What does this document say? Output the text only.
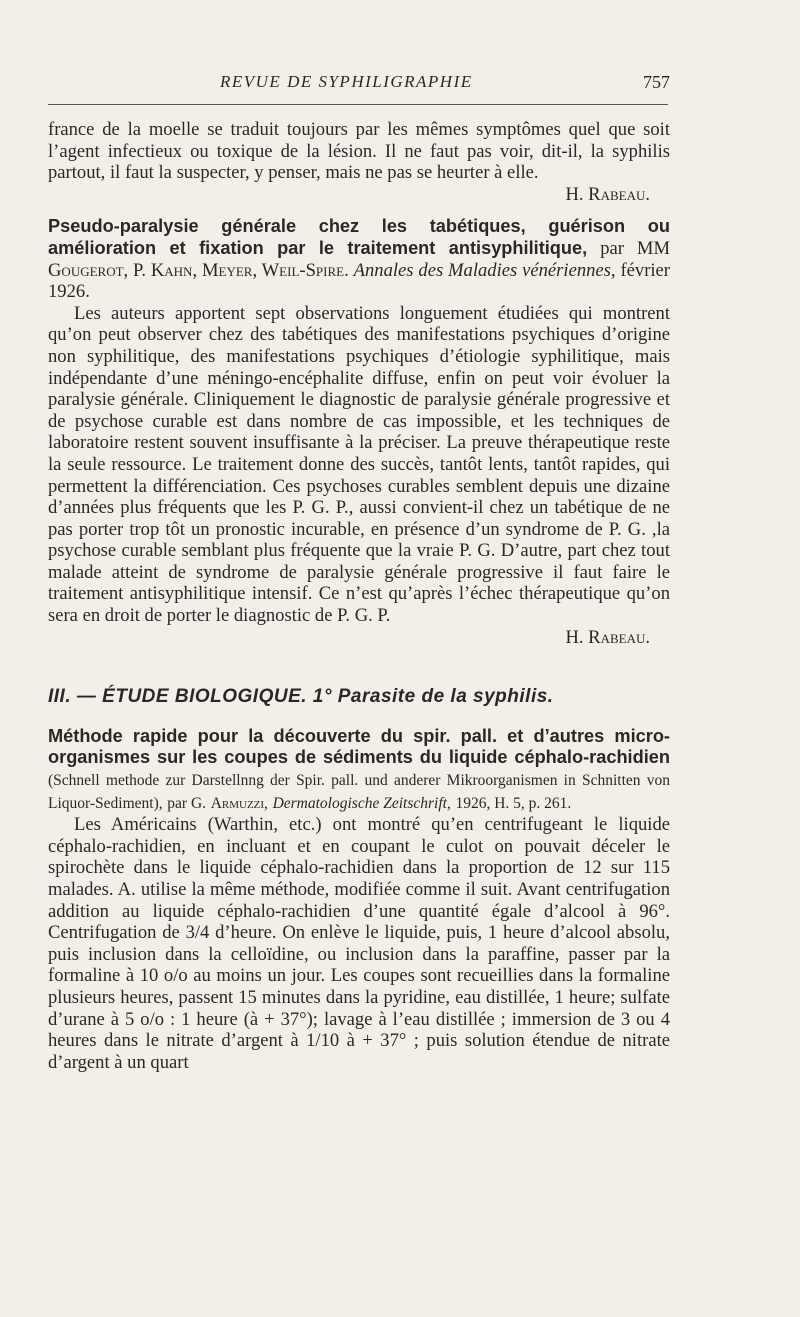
REVUE DE SYPHILIGRAPHIE	757

france de la moelle se traduit toujours par les mêmes symptômes quel que soit l’agent infectieux ou toxique de la lésion. Il ne faut pas voir, dit-il, la syphilis partout, il faut la suspecter, y penser, mais ne pas se heurter à elle.

H. Rabeau.

Pseudo-paralysie générale chez les tabétiques, guérison ou amélioration et fixation par le traitement antisyphilitique, par MM Gougerot, P. Kahn, Meyer, Weil-Spire. Annales des Maladies vénériennes, février 1926.

Les auteurs apportent sept observations longuement étudiées qui montrent qu’on peut observer chez des tabétiques des manifestations psychiques d’origine non syphilitique, des manifestations psychiques d’étiologie syphilitique, mais indépendante d’une méningo-encéphalite diffuse, enfin on peut voir évoluer la paralysie générale. Cliniquement le diagnostic de paralysie générale progressive et de psychose curable est dans nombre de cas impossible, et les techniques de laboratoire restent souvent insuffisante à la préciser. La preuve thérapeutique reste la seule ressource. Le traitement donne des succès, tantôt lents, tantôt rapides, qui permettent la différenciation. Ces psychoses curables semblent depuis une dizaine d’années plus fréquents que les P. G. P., aussi convient-il chez un tabétique de ne pas porter trop tôt un pronostic incurable, en présence d’un syndrome de P. G. ,la psychose curable semblant plus fréquente que la vraie P. G. D’autre, part chez tout malade atteint de syndrome de paralysie générale progressive il faut faire le traitement antisyphilitique intensif. Ce n’est qu’après l’échec thérapeutique qu’on sera en droit de porter le diagnostic de P. G. P.

H. Rabeau.
III. — ÉTUDE BIOLOGIQUE. 1° Parasite de la syphilis.

Méthode rapide pour la découverte du spir. pall. et d’autres micro-organismes sur les coupes de sédiments du liquide céphalo-rachidien (Schnell methode zur Darstellnng der Spir. pall. und anderer Mikroorganismen in Schnitten von Liquor-Sediment), par G. Armuzzi, Dermatologische Zeitschrift, 1926, H. 5, p. 261.

Les Américains (Warthin, etc.) ont montré qu’en centrifugeant le liquide céphalo-rachidien, en incluant et en coupant le culot on pouvait déceler le spirochète dans le liquide céphalo-rachidien dans la proportion de 12 sur 115 malades. A. utilise la même méthode, modifiée comme il suit. Avant centrifugation addition au liquide céphalo-rachidien d’une quantité égale d’alcool à 96°. Centrifugation de 3/4 d’heure. On enlève le liquide, puis, 1 heure d’alcool absolu, puis inclusion dans la celloïdine, ou inclusion dans la paraffine, passer par la formaline à 10 o/o au moins un jour. Les coupes sont recueillies dans la formaline plusieurs heures, passent 15 minutes dans la pyridine, eau distillée, 1 heure; sulfate d’urane à 5 o/o : 1 heure (à + 37°); lavage à l’eau distillée ; immersion de 3 ou 4 heures dans le nitrate d’argent à 1/10 à + 37° ; puis solution étendue de nitrate d’argent à un quart
